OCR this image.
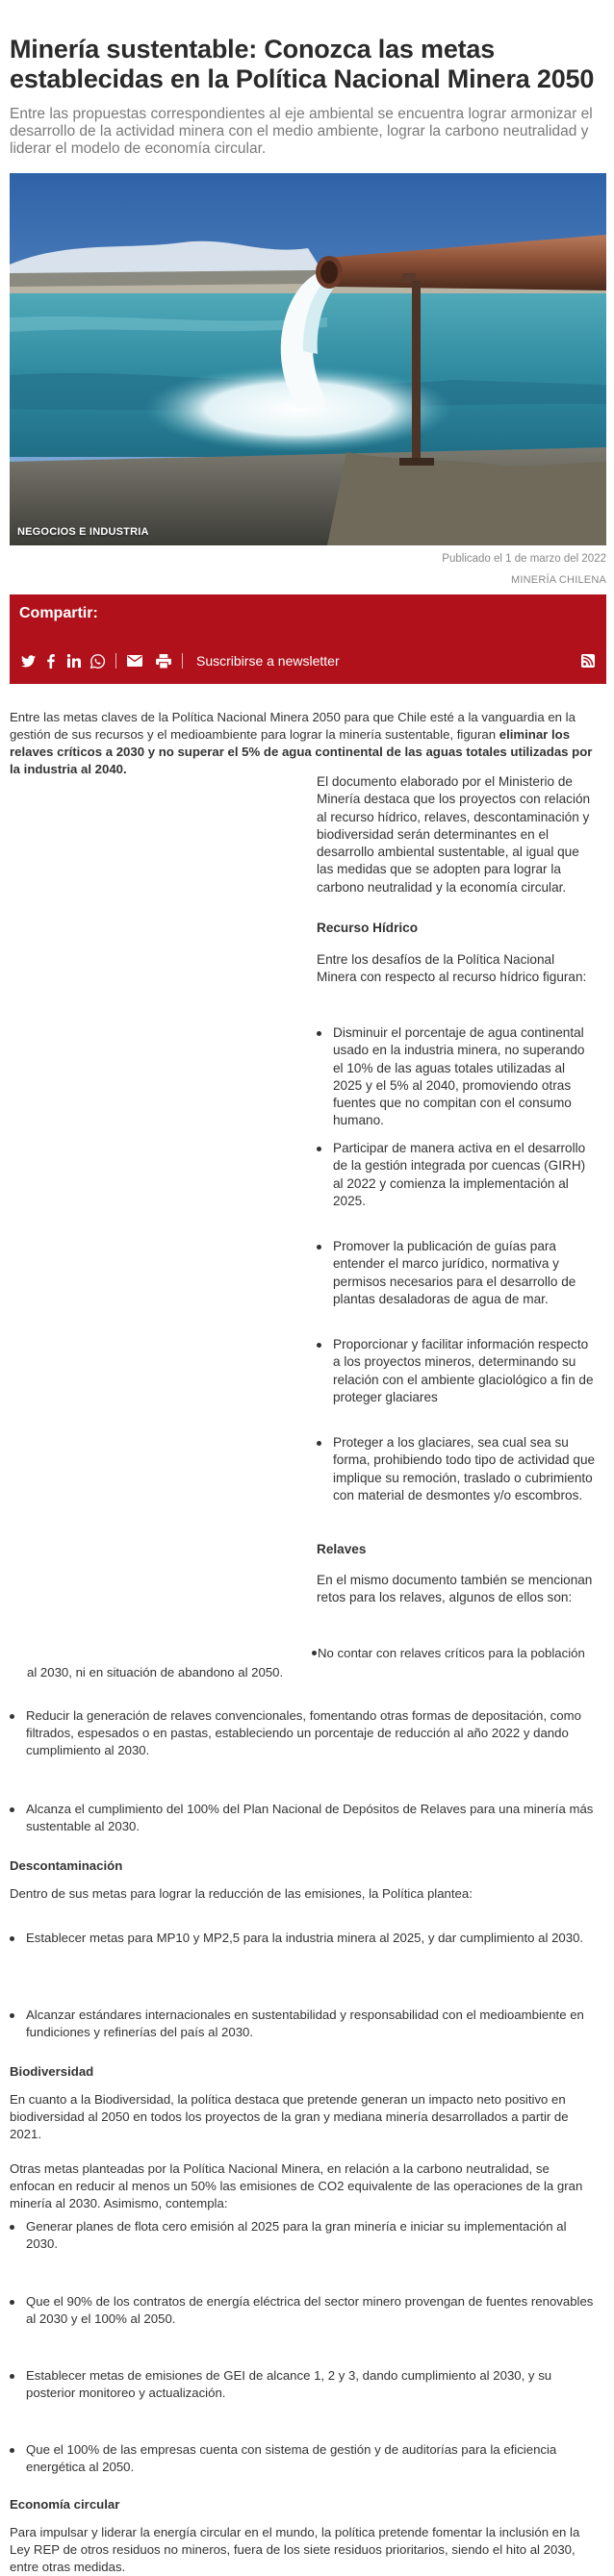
Minería sustentable: Conozca las metas establecidas en la Política Nacional Minera 2050

Entre las propuestas correspondientes al eje ambiental se encuentra lograr armonizar el desarrollo de la actividad minera con el medio ambiente, lograr la carbono neutralidad y liderar el modelo de economía circular.

NEGOCIOS E INDUSTRIA

Publicado el 1 de marzo del 2022

MINERÍA CHILENA

Compartir:
Suscribirse a newsletter

Entre las metas claves de la Política Nacional Minera 2050 para que Chile esté a la vanguardia en la gestión de sus recursos y el medioambiente para lograr la minería sustentable, figuran eliminar los relaves críticos a 2030 y no superar el 5% de agua continental de las aguas totales utilizadas por la industria al 2040.

El documento elaborado por el Ministerio de Minería destaca que los proyectos con relación al recurso hídrico, relaves, descontaminación y biodiversidad serán determinantes en el desarrollo ambiental sustentable, al igual que las medidas que se adopten para lograr la carbono neutralidad y la economía circular.

Recurso Hídrico

Entre los desafíos de la Política Nacional Minera con respecto al recurso hídrico figuran:

Disminuir el porcentaje de agua continental usado en la industria minera, no superando el 10% de las aguas totales utilizadas al 2025 y el 5% al 2040, promoviendo otras fuentes que no compitan con el consumo humano.
Participar de manera activa en el desarrollo de la gestión integrada por cuencas (GIRH) al 2022 y comienza la implementación al 2025.
Promover la publicación de guías para entender el marco jurídico, normativa y permisos necesarios para el desarrollo de plantas desaladoras de agua de mar.
Proporcionar y facilitar información respecto a los proyectos mineros, determinando su relación con el ambiente glaciológico a fin de proteger glaciares
Proteger a los glaciares, sea cual sea su forma, prohibiendo todo tipo de actividad que implique su remoción, traslado o cubrimiento con material de desmontes y/o escombros.

Relaves

En el mismo documento también se mencionan retos para los relaves, algunos de ellos son:

No contar con relaves críticos para la población al 2030, ni en situación de abandono al 2050.

Reducir la generación de relaves convencionales, fomentando otras formas de depositación, como filtrados, espesados o en pastas, estableciendo un porcentaje de reducción al año 2022 y dando cumplimiento al 2030.
Alcanza el cumplimiento del 100% del Plan Nacional de Depósitos de Relaves para una minería más sustentable al 2030.

Descontaminación

Dentro de sus metas para lograr la reducción de las emisiones, la Política plantea:

Establecer metas para MP10 y MP2,5 para la industria minera al 2025, y dar cumplimiento al 2030.
Alcanzar estándares internacionales en sustentabilidad y responsabilidad con el medioambiente en fundiciones y refinerías del país al 2030.

Biodiversidad

En cuanto a la Biodiversidad, la política destaca que pretende generan un impacto neto positivo en biodiversidad al 2050 en todos los proyectos de la gran y mediana minería desarrollados a partir de 2021.

Otras metas planteadas por la Política Nacional Minera, en relación a la carbono neutralidad, se enfocan en reducir al menos un 50% las emisiones de CO2 equivalente de las operaciones de la gran minería al 2030. Asimismo, contempla:

Generar planes de flota cero emisión al 2025 para la gran minería e iniciar su implementación al 2030.
Que el 90% de los contratos de energía eléctrica del sector minero provengan de fuentes renovables al 2030 y el 100% al 2050.
Establecer metas de emisiones de GEI de alcance 1, 2 y 3, dando cumplimiento al 2030, y su posterior monitoreo y actualización.
Que el 100% de las empresas cuenta con sistema de gestión y de auditorías para la eficiencia energética al 2050.

Economía circular

Para impulsar y liderar la energía circular en el mundo, la política pretende fomentar la inclusión en la Ley REP de otros residuos no mineros, fuera de los siete residuos prioritarios, siendo el hito al 2030, entre otras medidas.
